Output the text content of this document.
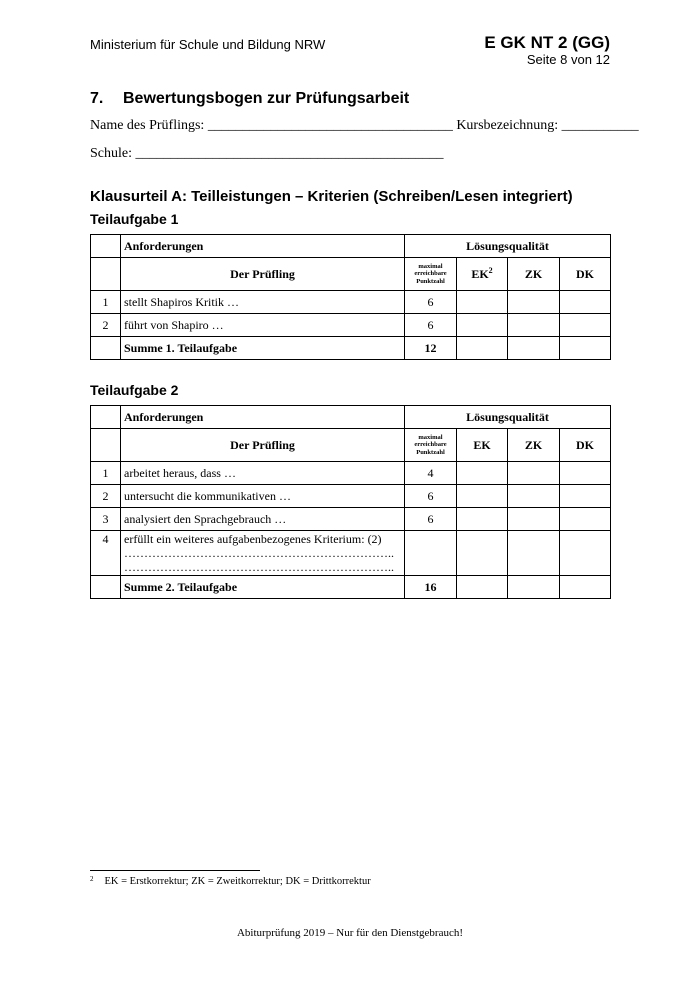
Ministerium für Schule und Bildung NRW	E GK NT 2 (GG)
Seite 8 von 12
7. Bewertungsbogen zur Prüfungsarbeit
Name des Prüflings: ___________________________________ Kursbezeichnung: ___________
Schule: ____________________________________________
Klausurteil A: Teilleistungen – Kriterien (Schreiben/Lesen integriert)
Teilaufgabe 1
	Anforderungen	Lösungsqualität			
	Der Prüfling	maximal erreichbare Punktzahl	$EK^2$	ZK	DK
1	stellt Shapiros Kritik …	6			
2	führt von Shapiro …	6			
	Summe 1. Teilaufgabe	12			
Teilaufgabe 2
	Anforderungen	Lösungsqualität			
	Der Prüfling	maximal erreichbare Punktzahl	EK	ZK	DK
1	arbeitet heraus, dass …	4			
2	untersucht die kommunikativen …	6			
3	analysiert den Sprachgebrauch …	6			
4	erfüllt ein weiteres aufgabenbezogenes Kriterium: (2)
…………………………………………………………..
…………………………………………………………..				

	Summe 2. Teilaufgabe	16			
$^2$ EK = Erstkorrektur; ZK = Zweitkorrektur; DK = Drittkorrektur
Abiturprüfung 2019 – Nur für den Dienstgebrauch!
